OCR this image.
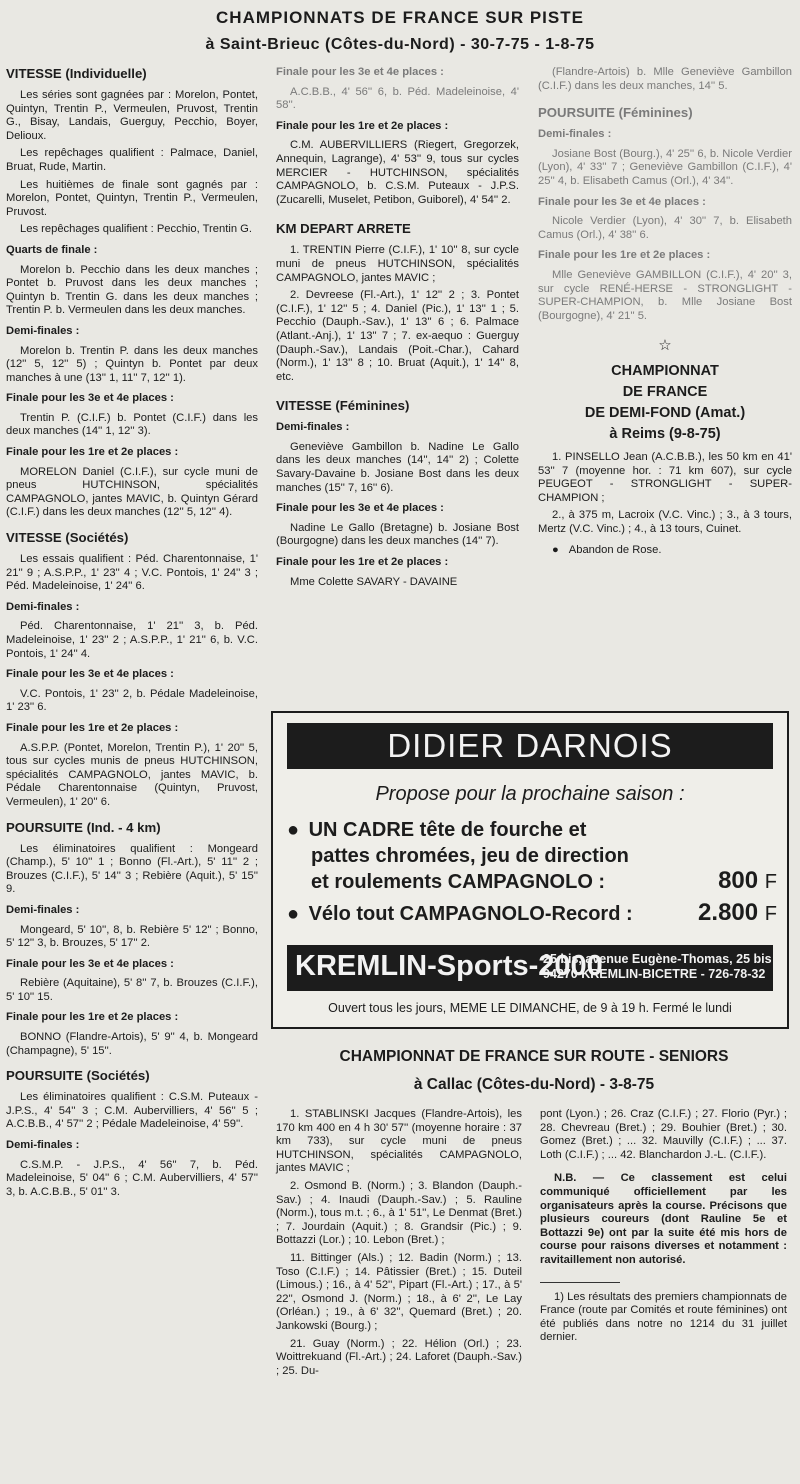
CHAMPIONNATS DE FRANCE SUR PISTE
à Saint-Brieuc (Côtes-du-Nord) - 30-7-75 - 1-8-75
VITESSE (Individuelle)

Les séries sont gagnées par : Morelon, Pontet, Quintyn, Trentin P., Vermeulen, Pruvost, Trentin G., Bisay, Landais, Guerguy, Pecchio, Boyer, Delioux.

Les repêchages qualifient : Palmace, Daniel, Bruat, Rude, Martin.

Les huitièmes de finale sont gagnés par : Morelon, Pontet, Quintyn, Trentin P., Vermeulen, Pruvost.

Les repêchages qualifient : Pecchio, Trentin G.

Quarts de finale :

Morelon b. Pecchio dans les deux manches ; Pontet b. Pruvost dans les deux manches ; Quintyn b. Trentin G. dans les deux manches ; Trentin P. b. Vermeulen dans les deux manches.

Demi-finales :

Morelon b. Trentin P. dans les deux manches (12'' 5, 12'' 5) ; Quintyn b. Pontet par deux manches à une (13'' 1, 11'' 7, 12'' 1).

Finale pour les 3e et 4e places :

Trentin P. (C.I.F.) b. Pontet (C.I.F.) dans les deux manches (14'' 1, 12'' 3).

Finale pour les 1re et 2e places :

MORELON Daniel (C.I.F.), sur cycle muni de pneus HUTCHINSON, spécialités CAMPAGNOLO, jantes MAVIC, b. Quintyn Gérard (C.I.F.) dans les deux manches (12'' 5, 12'' 4).

VITESSE (Sociétés)

Les essais qualifient : Péd. Charentonnaise, 1' 21'' 9 ; A.S.P.P., 1' 23'' 4 ; V.C. Pontois, 1' 24'' 3 ; Péd. Madeleinoise, 1' 24'' 6.

Demi-finales :

Péd. Charentonnaise, 1' 21'' 3, b. Péd. Madeleinoise, 1' 23'' 2 ; A.S.P.P., 1' 21'' 6, b. V.C. Pontois, 1' 24'' 4.

Finale pour les 3e et 4e places :

V.C. Pontois, 1' 23'' 2, b. Pédale Madeleinoise, 1' 23'' 6.

Finale pour les 1re et 2e places :

A.S.P.P. (Pontet, Morelon, Trentin P.), 1' 20'' 5, tous sur cycles munis de pneus HUTCHINSON, spécialités CAMPAGNOLO, jantes MAVIC, b. Pédale Charentonnaise (Quintyn, Pruvost, Vermeulen), 1' 20'' 6.

POURSUITE (Ind. - 4 km)

Les éliminatoires qualifient : Mongeard (Champ.), 5' 10'' 1 ; Bonno (Fl.-Art.), 5' 11'' 2 ; Brouzes (C.I.F.), 5' 14'' 3 ; Rebière (Aquit.), 5' 15'' 9.

Demi-finales :

Mongeard, 5' 10'', 8, b. Rebière 5' 12'' ; Bonno, 5' 12'' 3, b. Brouzes, 5' 17'' 2.

Finale pour les 3e et 4e places :

Rebière (Aquitaine), 5' 8'' 7, b. Brouzes (C.I.F.), 5' 10'' 15.

Finale pour les 1re et 2e places :

BONNO (Flandre-Artois), 5' 9'' 4, b. Mongeard (Champagne), 5' 15''.

POURSUITE (Sociétés)

Les éliminatoires qualifient : C.S.M. Puteaux - J.P.S., 4' 54'' 3 ; C.M. Aubervilliers, 4' 56'' 5 ; A.C.B.B., 4' 57'' 2 ; Pédale Madeleinoise, 4' 59''.

Demi-finales :

C.S.M.P. - J.P.S., 4' 56'' 7, b. Péd. Madeleinoise, 5' 04'' 6 ; C.M. Aubervilliers, 4' 57'' 3, b. A.C.B.B., 5' 01'' 3.

Finale pour les 3e et 4e places :

A.C.B.B., 4' 56'' 6, b. Péd. Madeleinoise, 4' 58''.

Finale pour les 1re et 2e places :

C.M. AUBERVILLIERS (Riegert, Gregorzek, Annequin, Lagrange), 4' 53'' 9, tous sur cycles MERCIER - HUTCHINSON, spécialités CAMPAGNOLO, b. C.S.M. Puteaux - J.P.S. (Zucarelli, Muselet, Petibon, Guiborel), 4' 54'' 2.

KM DEPART ARRETE

1. TRENTIN Pierre (C.I.F.), 1' 10'' 8, sur cycle muni de pneus HUTCHINSON, spécialités CAMPAGNOLO, jantes MAVIC ;

2. Devreese (Fl.-Art.), 1' 12'' 2 ; 3. Pontet (C.I.F.), 1' 12'' 5 ; 4. Daniel (Pic.), 1' 13'' 1 ; 5. Pecchio (Dauph.-Sav.), 1' 13'' 6 ; 6. Palmace (Atlant.-Anj.), 1' 13'' 7 ; 7. ex-aequo : Guerguy (Dauph.-Sav.), Landais (Poit.-Char.), Cahard (Norm.), 1' 13'' 8 ; 10. Bruat (Aquit.), 1' 14'' 8, etc.

VITESSE (Féminines)
Demi-finales :

Geneviève Gambillon b. Nadine Le Gallo dans les deux manches (14'', 14'' 2) ; Colette Savary-Davaine b. Josiane Bost dans les deux manches (15'' 7, 16'' 6).

Finale pour les 3e et 4e places :

Nadine Le Gallo (Bretagne) b. Josiane Bost (Bourgogne) dans les deux manches (14'' 7).

Finale pour les 1re et 2e places :

Mme Colette SAVARY - DAVAINE

(Flandre-Artois) b. Mlle Geneviève Gambillon (C.I.F.) dans les deux manches, 14'' 5.

POURSUITE (Féminines)
Demi-finales :

Josiane Bost (Bourg.), 4' 25'' 6, b. Nicole Verdier (Lyon), 4' 33'' 7 ; Geneviève Gambillon (C.I.F.), 4' 25'' 4, b. Elisabeth Camus (Orl.), 4' 34''.

Finale pour les 3e et 4e places :

Nicole Verdier (Lyon), 4' 30'' 7, b. Elisabeth Camus (Orl.), 4' 38'' 6.

Finale pour les 1re et 2e places :

Mlle Geneviève GAMBILLON (C.I.F.), 4' 20'' 3, sur cycle RENÉ-HERSE - STRONGLIGHT - SUPER-CHAMPION, b. Mlle Josiane Bost (Bourgogne), 4' 21'' 5.

☆
CHAMPIONNAT
DE FRANCE
DE DEMI-FOND (Amat.)
à Reims (9-8-75)

1. PINSELLO Jean (A.C.B.B.), les 50 km en 41' 53'' 7 (moyenne hor. : 71 km 607), sur cycle PEUGEOT - STRONGLIGHT - SUPER-CHAMPION ;

2., à 375 m, Lacroix (V.C. Vinc.) ; 3., à 3 tours, Mertz (V.C. Vinc.) ; 4., à 13 tours, Cuinet.

● Abandon de Rose.

DIDIER DARNOIS
Propose pour la prochaine saison :
● UN CADRE tête de fourche et
pattes chromées, jeu de direction
et roulements CAMPAGNOLO :	800 F
● Vélo tout CAMPAGNOLO-Record :	2.800 F
KREMLIN-Sports-2000
25 bis, avenue Eugène-Thomas, 25 bis
94270 KREMLIN-BICETRE - 726-78-32
Ouvert tous les jours, MEME LE DIMANCHE, de 9 à 19 h. Fermé le lundi
CHAMPIONNAT DE FRANCE SUR ROUTE - SENIORS
à Callac (Côtes-du-Nord) - 3-8-75

1. STABLINSKI Jacques (Flandre-Artois), les 170 km 400 en 4 h 30' 57'' (moyenne horaire : 37 km 733), sur cycle muni de pneus HUTCHINSON, spécialités CAMPAGNOLO, jantes MAVIC ;

2. Osmond B. (Norm.) ; 3. Blandon (Dauph.-Sav.) ; 4. Inaudi (Dauph.-Sav.) ; 5. Rauline (Norm.), tous m.t. ; 6., à 1' 51'', Le Denmat (Bret.) ; 7. Jourdain (Aquit.) ; 8. Grandsir (Pic.) ; 9. Bottazzi (Lor.) ; 10. Lebon (Bret.) ;

11. Bittinger (Als.) ; 12. Badin (Norm.) ; 13. Toso (C.I.F.) ; 14. Pâtissier (Bret.) ; 15. Duteil (Limous.) ; 16., à 4' 52'', Pipart (Fl.-Art.) ; 17., à 5' 22'', Osmond J. (Norm.) ; 18., à 6' 2'', Le Lay (Orléan.) ; 19., à 6' 32'', Quemard (Bret.) ; 20. Jankowski (Bourg.) ;

21. Guay (Norm.) ; 22. Hélion (Orl.) ; 23. Woittrekuand (Fl.-Art.) ; 24. Laforet (Dauph.-Sav.) ; 25. Du-

pont (Lyon.) ; 26. Craz (C.I.F.) ; 27. Florio (Pyr.) ; 28. Chevreau (Bret.) ; 29. Bouhier (Bret.) ; 30. Gomez (Bret.) ; ... 32. Mauvilly (C.I.F.) ; ... 37. Loth (C.I.F.) ; ... 42. Blanchardon J.-L. (C.I.F.).

N.B. — Ce classement est celui communiqué officiellement par les organisateurs après la course. Précisons que plusieurs coureurs (dont Rauline 5e et Bottazzi 9e) ont par la suite été mis hors de course pour raisons diverses et notamment : ravitaillement non autorisé.

1) Les résultats des premiers championnats de France (route par Comités et route féminines) ont été publiés dans notre no 1214 du 31 juillet dernier.
